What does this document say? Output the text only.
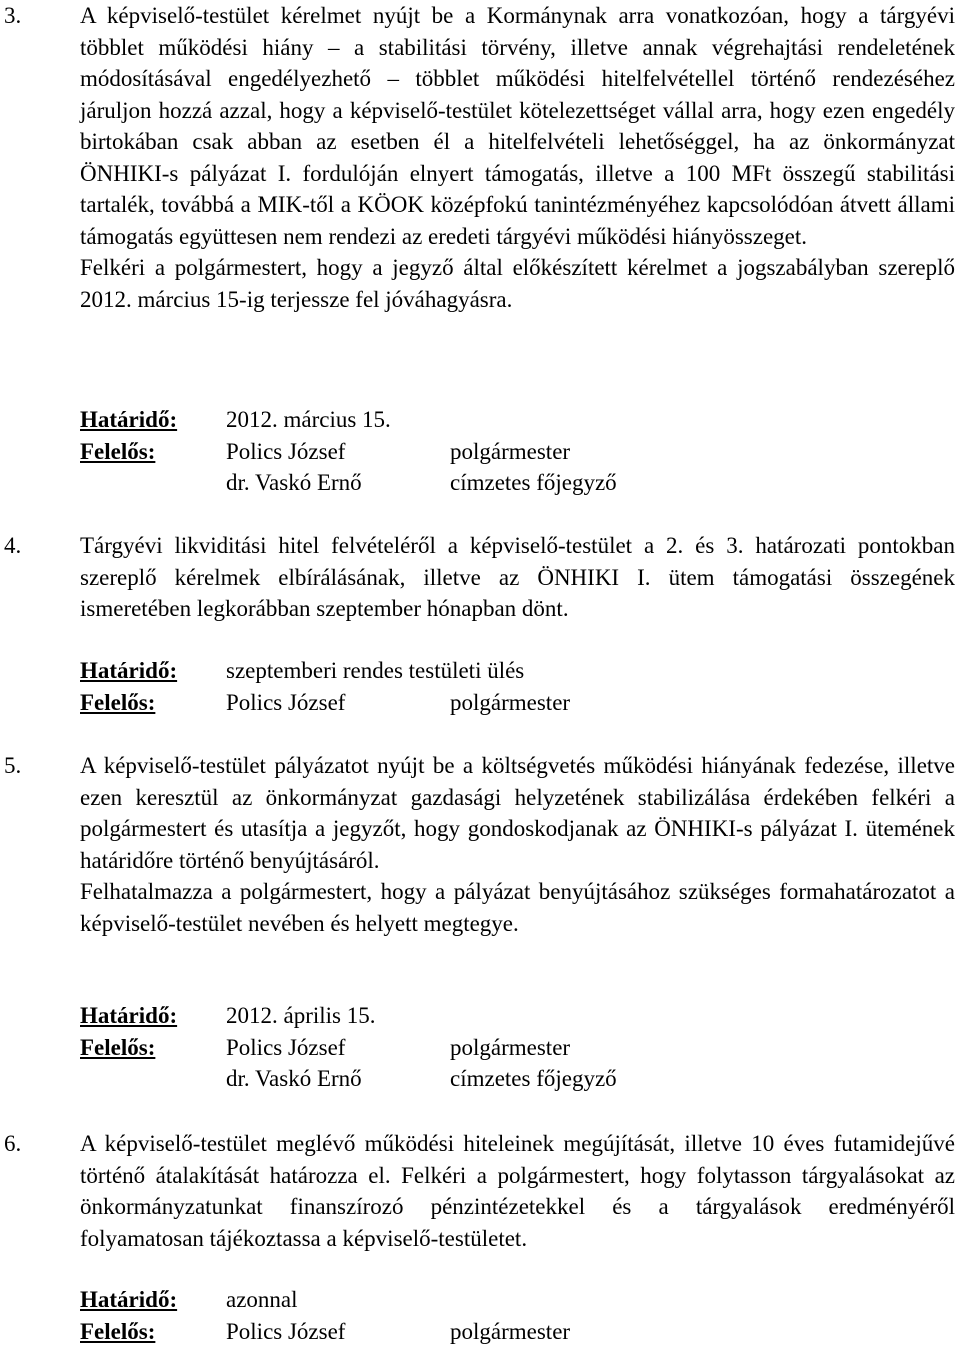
3.	A képviselő-testület kérelmet nyújt be a Kormánynak arra vonatkozóan, hogy a tárgyévi többlet működési hiány – a stabilitási törvény, illetve annak végrehajtási rendeletének módosításával engedélyezhető – többlet működési hitelfelvétellel történő rendezéséhez járuljon hozzá azzal, hogy a képviselő-testület kötelezettséget vállal arra, hogy ezen engedély birtokában csak abban az esetben él a hitelfelvételi lehetőséggel, ha az önkormányzat ÖNHIKI-s pályázat I. fordulóján elnyert támogatás, illetve a 100 MFt összegű stabilitási tartalék, továbbá a MIK-től a KÖOK középfokú tanintézményéhez kapcsolódóan átvett állami támogatás együttesen nem rendezi az eredeti tárgyévi működési hiányösszeget.

Felkéri a polgármestert, hogy a jegyző által előkészített kérelmet a jogszabályban szereplő 2012. március 15-ig terjessze fel jóváhagyásra.

Határidő: 2012. március 15.
Felelős:	Polics József	polgármester
dr. Vaskó Ernő	címzetes főjegyző
4.	Tárgyévi likviditási hitel felvételéről a képviselő-testület a 2. és 3. határozati pontokban szereplő kérelmek elbírálásának, illetve az ÖNHIKI I. ütem támogatási összegének ismeretében legkorábban szeptember hónapban dönt.

Határidő: szeptemberi rendes testületi ülés
Felelős:	Polics József	polgármester
5.	A képviselő-testület pályázatot nyújt be a költségvetés működési hiányának fedezése, illetve ezen keresztül az önkormányzat gazdasági helyzetének stabilizálása érdekében felkéri a polgármestert és utasítja a jegyzőt, hogy gondoskodjanak az ÖNHIKI-s pályázat I. ütemének határidőre történő benyújtásáról.

Felhatalmazza a polgármestert, hogy a pályázat benyújtásához szükséges formahatározatot a képviselő-testület nevében és helyett megtegye.

Határidő: 2012. április 15.
Felelős:	Polics József	polgármester
dr. Vaskó Ernő	címzetes főjegyző
6.	A képviselő-testület meglévő működési hiteleinek megújítását, illetve 10 éves futamidejűvé történő átalakítását határozza el. Felkéri a polgármestert, hogy folytasson tárgyalásokat az önkormányzatunkat finanszírozó pénzintézetekkel és a tárgyalások eredményéről folyamatosan tájékoztassa a képviselő-testületet.

Határidő: azonnal
Felelős:	Polics József	polgármester
